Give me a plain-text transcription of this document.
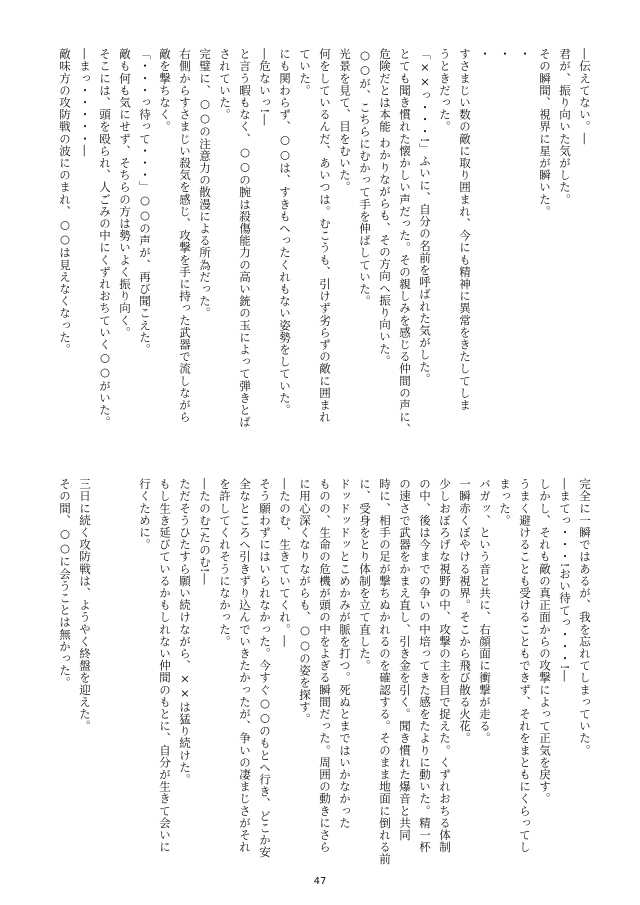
―伝えてない。―
君が、振り向いた気がした。
その瞬間、視界に星が瞬いた。
・
・
・
すさまじい数の敵に取り囲まれ、今にも精神に異常をきたしてしま
うときだった。
「××っ・・・!」ふいに、自分の名前を呼ばれた気がした。
とても聞き慣れた懐かしい声だった。その親しみを感じる仲間の声に、
危険だとは本能 わかりながらも、その方向へ振り向いた。
○○が、こちらにむかって手を伸ばしていた。
光景を見て、目をむいた。
何をしているんだ、あいつは。むこうも、引けず劣らずの敵に囲まれ
ていた。
にも関わらず、○○は、すきもへったくれもない姿勢をしていた。
―危ないっ!―
と言う暇もなく、○○の腕は殺傷能力の高い銃の玉によって弾きとば
されていた。
完璧に、○○の注意力の散漫による所為だった。
右側からすさまじい殺気を感じ、攻撃を手に持った武器で流しながら
敵を撃ちなく。
「・・・っ待って・・・」○○の声が、再び聞こえた。
敵も何も気にせず、そちらの方は勢いよく振り向く。
そこには、頭を殴られ、人ごみの中にくずれおちていく○○がいた。
―まっ・・・・・―
敵味方の攻防戦の波にのまれ、○○は見えなくなった。
完全に一瞬ではあるが、我を忘れてしまっていた。
―まてっ・・・!おい待てっ・・・!―
しかし、それも敵の真正面からの攻撃によって正気を戻す。
うまく避けることも受けることもできず、それをまともにくらってし
まった。
バガッ、という音と共に、右顔面に衝撃が走る。
一瞬赤くぼやける視界。そこから飛び散る火花。
少しおぼろげな視野の中、攻撃の主を目で捉えた。くずれおちる体制
の中、後は今までの争いの中培ってきた感をたよりに動いた。精一杯
の速さで武器をかまえ直し、引き金を引く。聞き慣れた爆音と共同
時に、相手の足が撃ちぬかれるのを確認する。そのまま地面に倒れる前
に、受身をとり体制を立て直した。
ドッドッドッとこめかみが脈を打つ。死ぬとまではいかなかった
ものの、生命の危機が頭の中をよぎる瞬間だった。周囲の動きにさら
に用心深くなりながらも、○○の姿を探す。
―たのむ、生きていてくれ。―
そう願わずにはいられなかった。今すぐ○○のもとへ行き、どこか安
全なところへ引きずり込んでいきたかったが、争いの凄まじさがそれ
を許してくれそうになかった。
―たのむ!たのむ!―
ただそうひたすら願い続けながら、××は猛り続けた。
もし生き延びているかもしれない仲間のもとに、自分が生きて会いに
行くために。
三日に続く攻防戦は、ようやく終盤を迎えた。
その間、○○に会うことは無かった。
47
